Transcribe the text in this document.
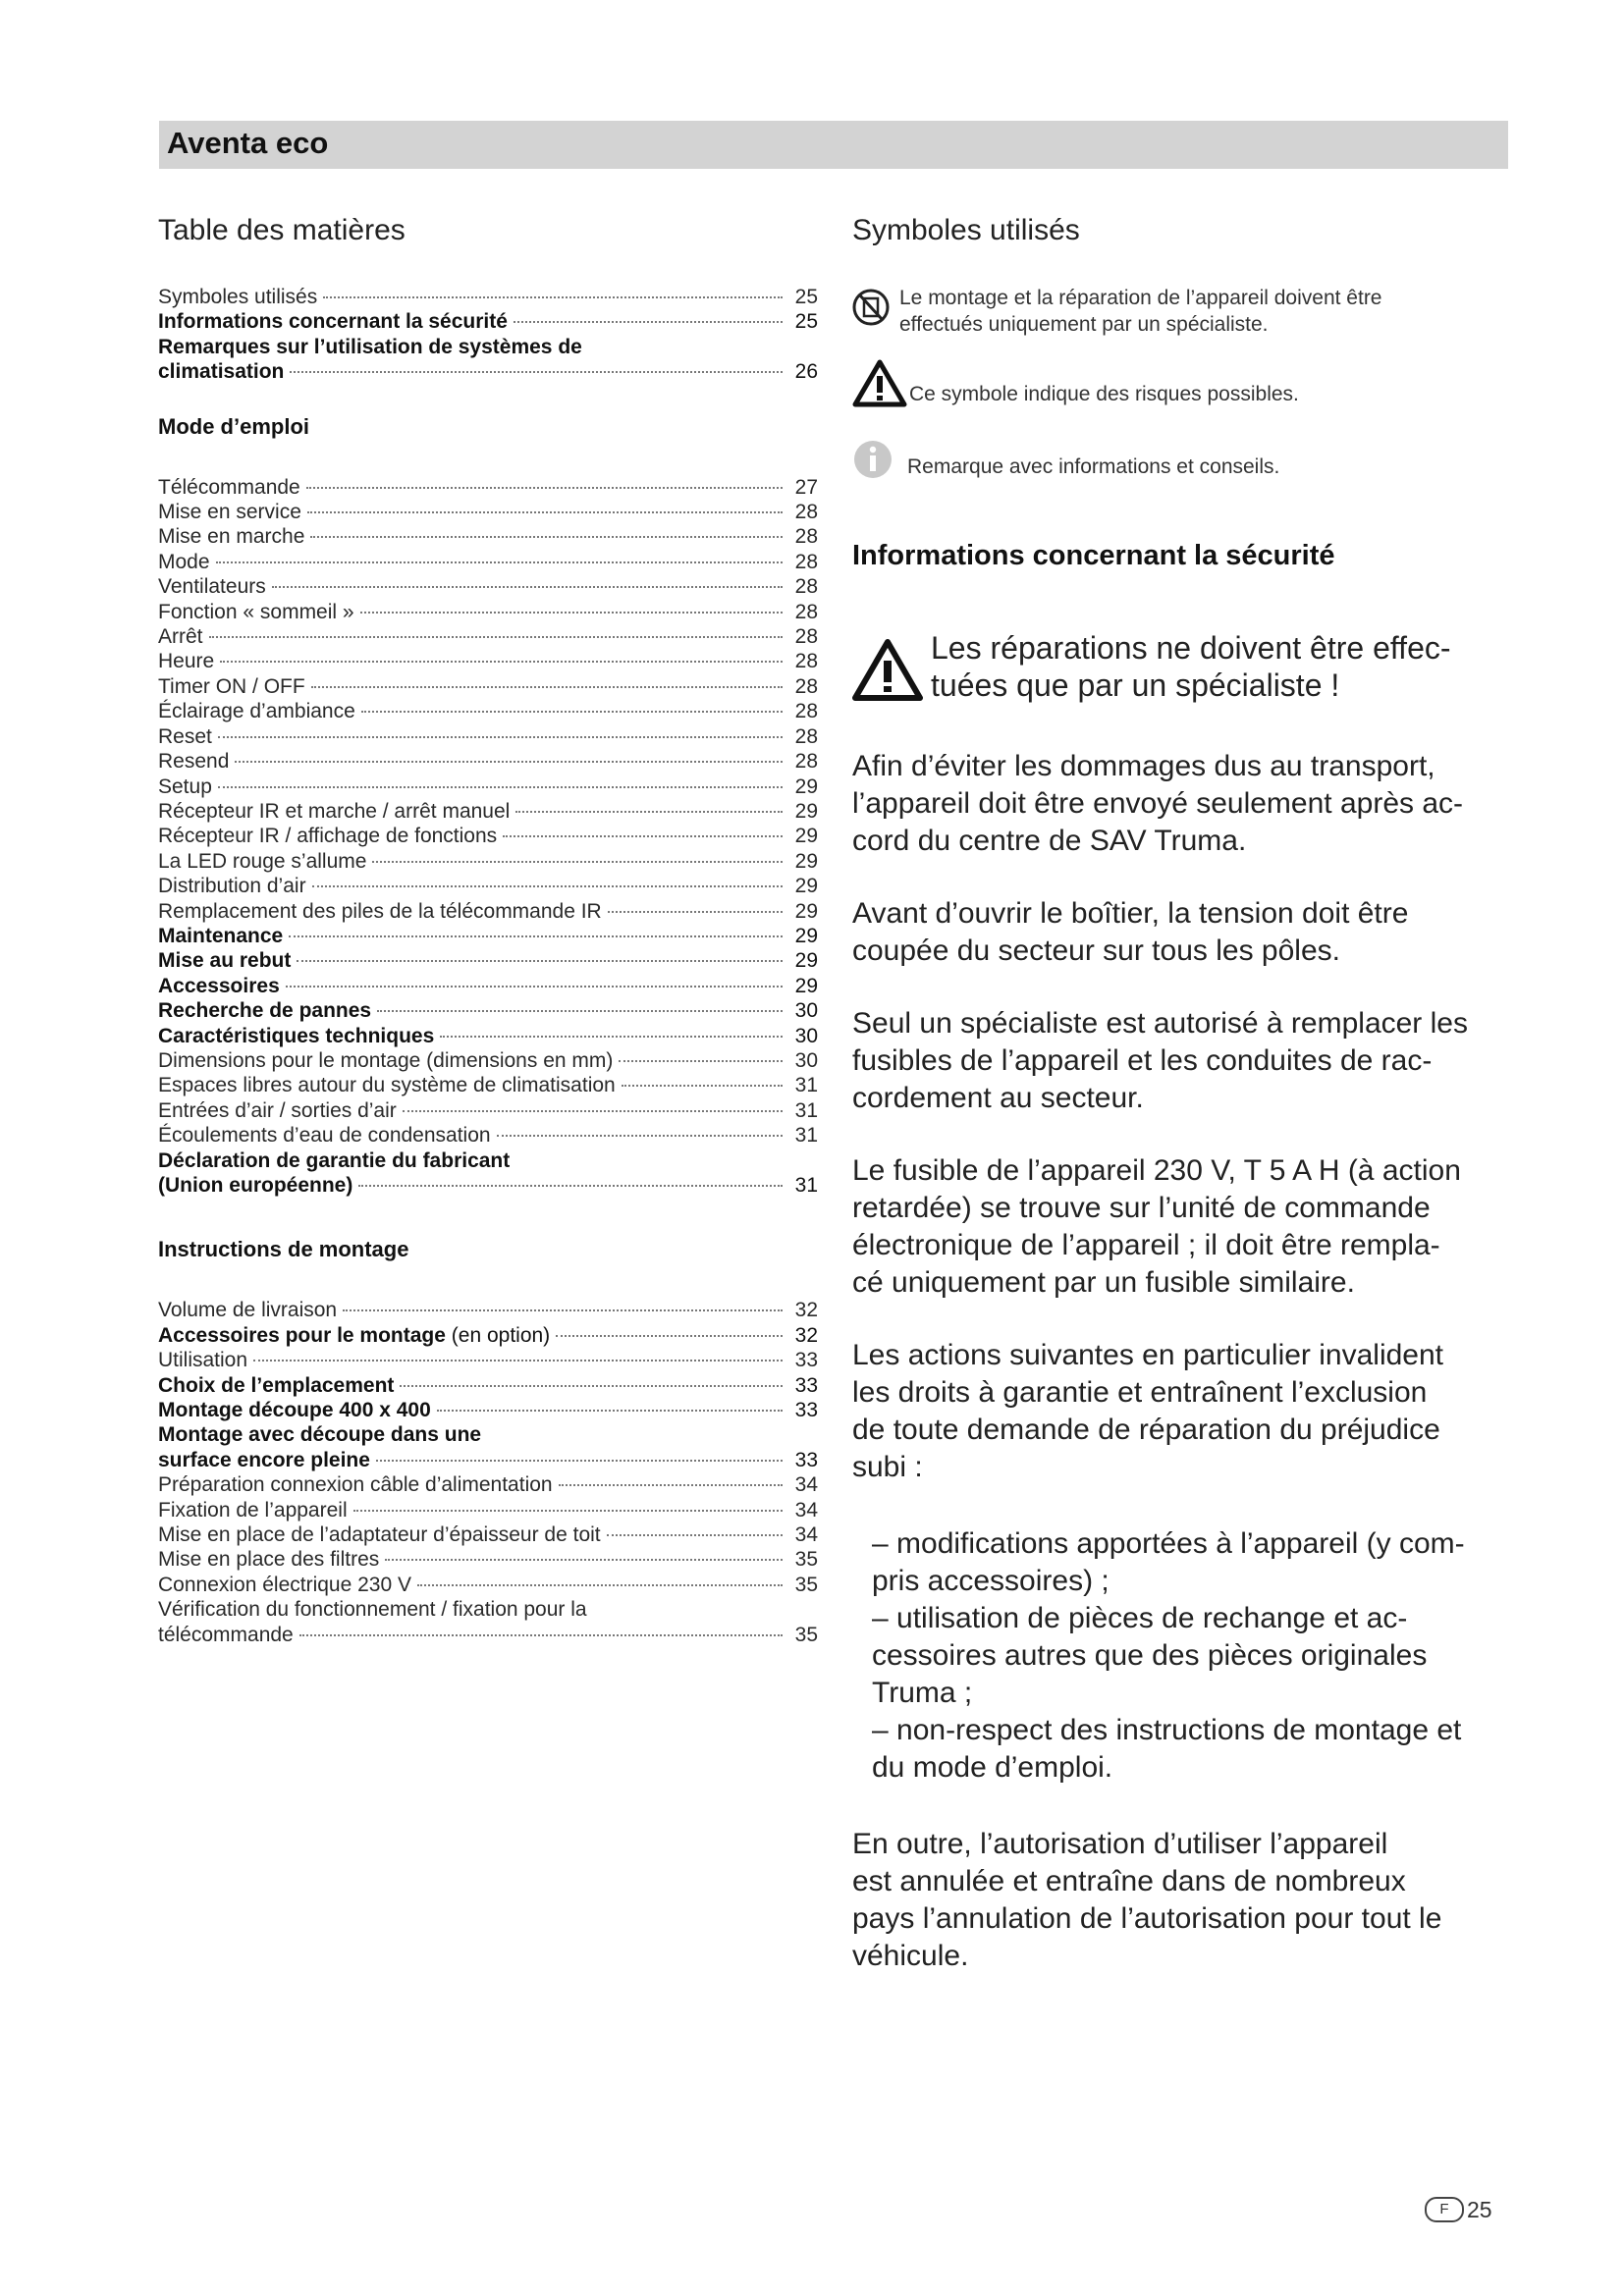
Aventa eco
Table des matières
Symboles utilisés	25
Informations concernant la sécurité	25
Remarques sur l’utilisation de systèmes de
climatisation	26
Mode d’emploi
Télécommande	27
Mise en service	28
Mise en marche	28
Mode	28
Ventilateurs	28
Fonction « sommeil »	28
Arrêt	28
Heure	28
Timer ON / OFF	28
Éclairage d’ambiance	28
Reset	28
Resend	28
Setup	29
Récepteur IR et marche / arrêt manuel	29
Récepteur IR / affichage de fonctions	29
La LED rouge s’allume	29
Distribution d’air	29
Remplacement des piles de la télécommande IR	29
Maintenance	29
Mise au rebut	29
Accessoires	29
Recherche de pannes	30
Caractéristiques techniques	30
Dimensions pour le montage (dimensions en mm)	30
Espaces libres autour du système de climatisation	31
Entrées d’air / sorties d’air	31
Écoulements d’eau de condensation	31
Déclaration de garantie du fabricant
(Union européenne)	31
Instructions de montage
Volume de livraison	32
Accessoires pour le montage (en option)	32
Utilisation	33
Choix de l’emplacement	33
Montage découpe 400 x 400	33
Montage avec découpe dans une
surface encore pleine	33
Préparation connexion câble d’alimentation	34
Fixation de l’appareil	34
Mise en place de l’adaptateur d’épaisseur de toit	34
Mise en place des filtres	35
Connexion électrique 230 V	35
Vérification du fonctionnement / fixation pour la
télécommande	35
Symboles utilisés
Le montage et la réparation de l’appareil doivent être
effectués uniquement par un spécialiste.
Ce symbole indique des risques possibles.
Remarque avec informations et conseils.
Informations concernant la sécurité
Les réparations ne doivent être effec-
tuées que par un spécialiste !
Afin d’éviter les dommages dus au transport,
l’appareil doit être envoyé seulement après ac-
cord du centre de SAV Truma.
Avant d’ouvrir le boîtier, la tension doit être
coupée du secteur sur tous les pôles.
Seul un spécialiste est autorisé à remplacer les
fusibles de l’appareil et les conduites de rac-
cordement au secteur.
Le fusible de l’appareil 230 V, T 5 A H (à action
retardée) se trouve sur l’unité de commande
électronique de l’appareil ; il doit être rempla-
cé uniquement par un fusible similaire.
Les actions suivantes en particulier invalident
les droits à garantie et entraînent l’exclusion
de toute demande de réparation du préjudice
subi :
– modifications apportées à l’appareil (y com-
pris accessoires) ;
– utilisation de pièces de rechange et ac-
cessoires autres que des pièces originales
Truma ;
– non-respect des instructions de montage et
du mode d’emploi.
En outre, l’autorisation d’utiliser l’appareil
est annulée et entraîne dans de nombreux
pays l’annulation de l’autorisation pour tout le
véhicule.
F 25
